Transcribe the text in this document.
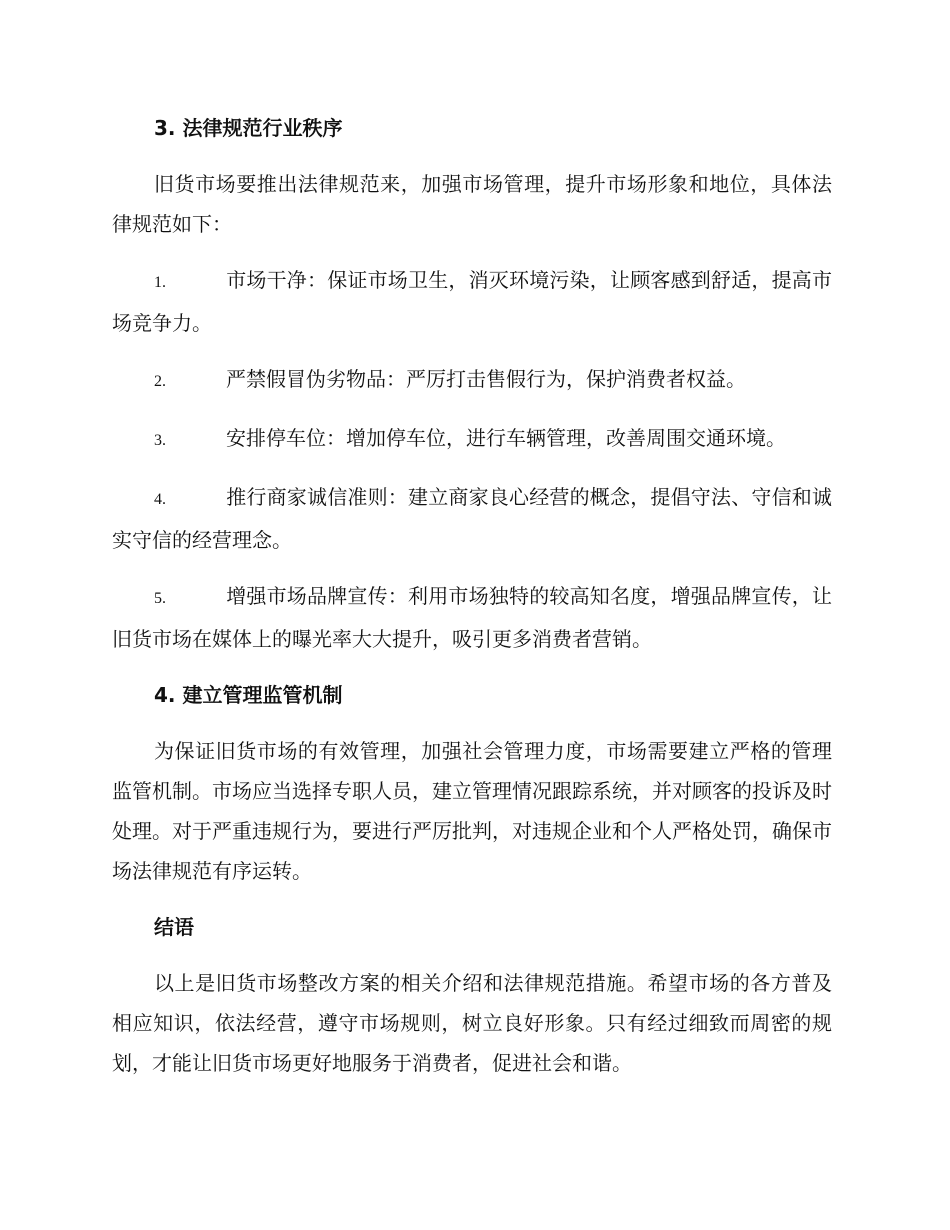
3. 法律规范行业秩序

旧货市场要推出法律规范来，加强市场管理，提升市场形象和地位，具体法律规范如下：

1.	市场干净：保证市场卫生，消灭环境污染，让顾客感到舒适，提高市场竞争力。

2.	严禁假冒伪劣物品：严厉打击售假行为，保护消费者权益。

3.	安排停车位：增加停车位，进行车辆管理，改善周围交通环境。

4.	推行商家诚信准则：建立商家良心经营的概念，提倡守法、守信和诚实守信的经营理念。

5.	增强市场品牌宣传：利用市场独特的较高知名度，增强品牌宣传，让旧货市场在媒体上的曝光率大大提升，吸引更多消费者营销。

4. 建立管理监管机制

为保证旧货市场的有效管理，加强社会管理力度，市场需要建立严格的管理监管机制。市场应当选择专职人员，建立管理情况跟踪系统，并对顾客的投诉及时处理。对于严重违规行为，要进行严厉批判，对违规企业和个人严格处罚，确保市场法律规范有序运转。

结语

以上是旧货市场整改方案的相关介绍和法律规范措施。希望市场的各方普及相应知识，依法经营，遵守市场规则，树立良好形象。只有经过细致而周密的规划，才能让旧货市场更好地服务于消费者，促进社会和谐。
